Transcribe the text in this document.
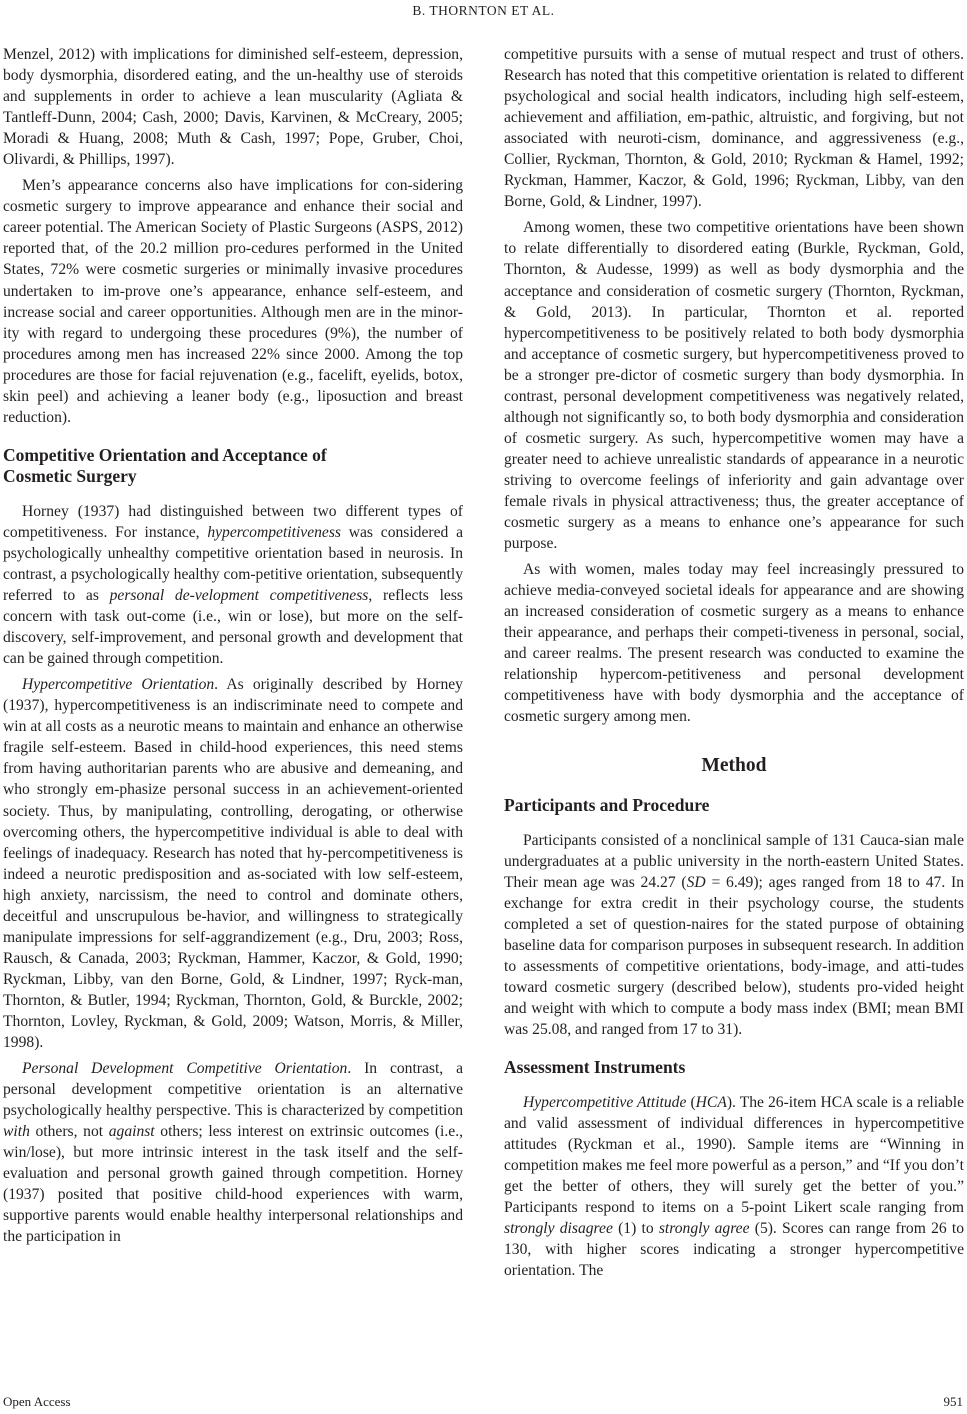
B. THORNTON ET AL.

Menzel, 2012) with implications for diminished self-esteem, depression, body dysmorphia, disordered eating, and the un-healthy use of steroids and supplements in order to achieve a lean muscularity (Agliata & Tantleff-Dunn, 2004; Cash, 2000; Davis, Karvinen, & McCreary, 2005; Moradi & Huang, 2008; Muth & Cash, 1997; Pope, Gruber, Choi, Olivardi, & Phillips, 1997).

Men’s appearance concerns also have implications for con-sidering cosmetic surgery to improve appearance and enhance their social and career potential. The American Society of Plastic Surgeons (ASPS, 2012) reported that, of the 20.2 million pro-cedures performed in the United States, 72% were cosmetic surgeries or minimally invasive procedures undertaken to im-prove one’s appearance, enhance self-esteem, and increase social and career opportunities. Although men are in the minor-ity with regard to undergoing these procedures (9%), the number of procedures among men has increased 22% since 2000. Among the top procedures are those for facial rejuvenation (e.g., facelift, eyelids, botox, skin peel) and achieving a leaner body (e.g., liposuction and breast reduction).

Competitive Orientation and Acceptance of
Cosmetic Surgery

Horney (1937) had distinguished between two different types of competitiveness. For instance, hypercompetitiveness was considered a psychologically unhealthy competitive orientation based in neurosis. In contrast, a psychologically healthy com-petitive orientation, subsequently referred to as personal de-velopment competitiveness, reflects less concern with task out-come (i.e., win or lose), but more on the self-discovery, self-improvement, and personal growth and development that can be gained through competition.

Hypercompetitive Orientation. As originally described by Horney (1937), hypercompetitiveness is an indiscriminate need to compete and win at all costs as a neurotic means to maintain and enhance an otherwise fragile self-esteem. Based in child-hood experiences, this need stems from having authoritarian parents who are abusive and demeaning, and who strongly em-phasize personal success in an achievement-oriented society. Thus, by manipulating, controlling, derogating, or otherwise overcoming others, the hypercompetitive individual is able to deal with feelings of inadequacy. Research has noted that hy-percompetitiveness is indeed a neurotic predisposition and as-sociated with low self-esteem, high anxiety, narcissism, the need to control and dominate others, deceitful and unscrupulous be-havior, and willingness to strategically manipulate impressions for self-aggrandizement (e.g., Dru, 2003; Ross, Rausch, & Canada, 2003; Ryckman, Hammer, Kaczor, & Gold, 1990; Ryckman, Libby, van den Borne, Gold, & Lindner, 1997; Ryck-man, Thornton, & Butler, 1994; Ryckman, Thornton, Gold, & Burckle, 2002; Thornton, Lovley, Ryckman, & Gold, 2009; Watson, Morris, & Miller, 1998).

Personal Development Competitive Orientation. In contrast, a personal development competitive orientation is an alternative psychologically healthy perspective. This is characterized by competition with others, not against others; less interest on extrinsic outcomes (i.e., win/lose), but more intrinsic interest in the task itself and the self-evaluation and personal growth gained through competition. Horney (1937) posited that positive child-hood experiences with warm, supportive parents would enable healthy interpersonal relationships and the participation in

competitive pursuits with a sense of mutual respect and trust of others. Research has noted that this competitive orientation is related to different psychological and social health indicators, including high self-esteem, achievement and affiliation, em-pathic, altruistic, and forgiving, but not associated with neuroti-cism, dominance, and aggressiveness (e.g., Collier, Ryckman, Thornton, & Gold, 2010; Ryckman & Hamel, 1992; Ryckman, Hammer, Kaczor, & Gold, 1996; Ryckman, Libby, van den Borne, Gold, & Lindner, 1997).

Among women, these two competitive orientations have been shown to relate differentially to disordered eating (Burkle, Ryckman, Gold, Thornton, & Audesse, 1999) as well as body dysmorphia and the acceptance and consideration of cosmetic surgery (Thornton, Ryckman, & Gold, 2013). In particular, Thornton et al. reported hypercompetitiveness to be positively related to both body dysmorphia and acceptance of cosmetic surgery, but hypercompetitiveness proved to be a stronger pre-dictor of cosmetic surgery than body dysmorphia. In contrast, personal development competitiveness was negatively related, although not significantly so, to both body dysmorphia and consideration of cosmetic surgery. As such, hypercompetitive women may have a greater need to achieve unrealistic standards of appearance in a neurotic striving to overcome feelings of inferiority and gain advantage over female rivals in physical attractiveness; thus, the greater acceptance of cosmetic surgery as a means to enhance one’s appearance for such purpose.

As with women, males today may feel increasingly pressured to achieve media-conveyed societal ideals for appearance and are showing an increased consideration of cosmetic surgery as a means to enhance their appearance, and perhaps their competi-tiveness in personal, social, and career realms. The present research was conducted to examine the relationship hypercom-petitiveness and personal development competitiveness have with body dysmorphia and the acceptance of cosmetic surgery among men.

Method
Participants and Procedure

Participants consisted of a nonclinical sample of 131 Cauca-sian male undergraduates at a public university in the north-eastern United States. Their mean age was 24.27 (SD = 6.49); ages ranged from 18 to 47. In exchange for extra credit in their psychology course, the students completed a set of question-naires for the stated purpose of obtaining baseline data for comparison purposes in subsequent research. In addition to assessments of competitive orientations, body-image, and atti-tudes toward cosmetic surgery (described below), students pro-vided height and weight with which to compute a body mass index (BMI; mean BMI was 25.08, and ranged from 17 to 31).

Assessment Instruments

Hypercompetitive Attitude (HCA). The 26-item HCA scale is a reliable and valid assessment of individual differences in hypercompetitive attitudes (Ryckman et al., 1990). Sample items are “Winning in competition makes me feel more powerful as a person,” and “If you don’t get the better of others, they will surely get the better of you.” Participants respond to items on a 5-point Likert scale ranging from strongly disagree (1) to strongly agree (5). Scores can range from 26 to 130, with higher scores indicating a stronger hypercompetitive orientation. The

Open Access	951
